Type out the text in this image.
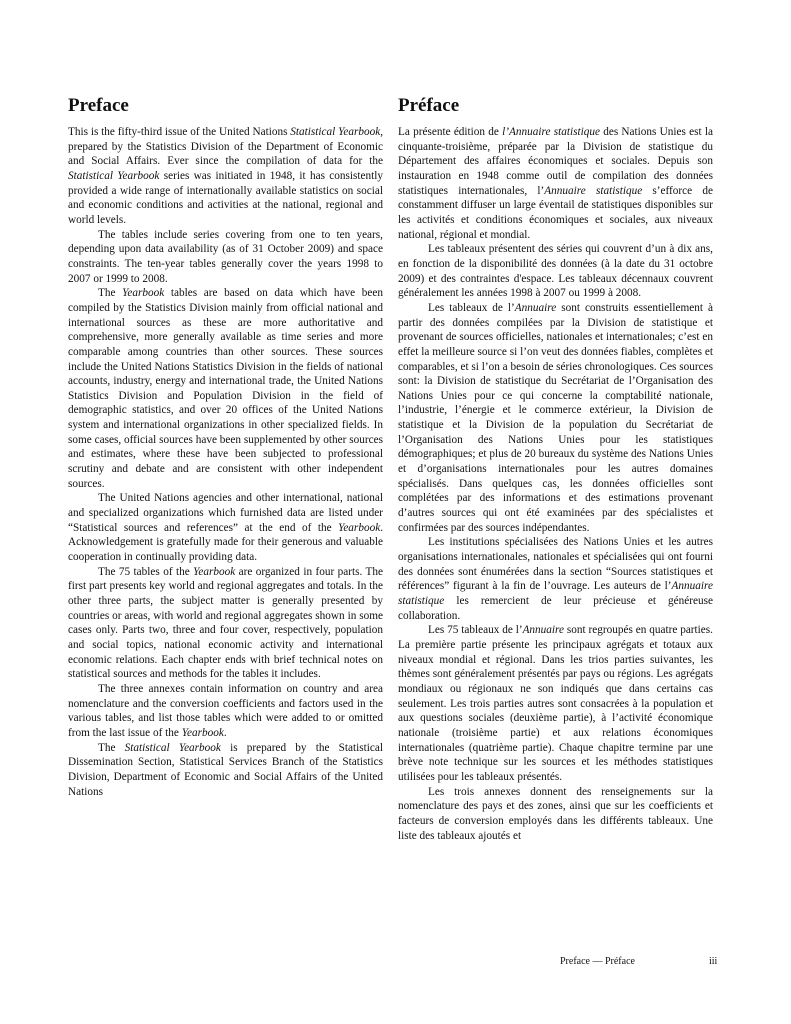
Preface

This is the fifty-third issue of the United Nations Statistical Yearbook, prepared by the Statistics Division of the Department of Economic and Social Affairs. Ever since the compilation of data for the Statistical Yearbook series was initiated in 1948, it has consistently provided a wide range of internationally available statistics on social and economic conditions and activities at the national, regional and world levels.

The tables include series covering from one to ten years, depending upon data availability (as of 31 October 2009) and space constraints. The ten-year tables generally cover the years 1998 to 2007 or 1999 to 2008.

The Yearbook tables are based on data which have been compiled by the Statistics Division mainly from official national and international sources as these are more authoritative and comprehensive, more generally available as time series and more comparable among countries than other sources. These sources include the United Nations Statistics Division in the fields of national accounts, industry, energy and international trade, the United Nations Statistics Division and Population Division in the field of demographic statistics, and over 20 offices of the United Nations system and international organizations in other specialized fields. In some cases, official sources have been supplemented by other sources and estimates, where these have been subjected to professional scrutiny and debate and are consistent with other independent sources.

The United Nations agencies and other international, national and specialized organizations which furnished data are listed under “Statistical sources and references” at the end of the Yearbook. Acknowledgement is gratefully made for their generous and valuable cooperation in continually providing data.

The 75 tables of the Yearbook are organized in four parts. The first part presents key world and regional aggregates and totals. In the other three parts, the subject matter is generally presented by countries or areas, with world and regional aggregates shown in some cases only. Parts two, three and four cover, respectively, population and social topics, national economic activity and international economic relations. Each chapter ends with brief technical notes on statistical sources and methods for the tables it includes.

The three annexes contain information on country and area nomenclature and the conversion coefficients and factors used in the various tables, and list those tables which were added to or omitted from the last issue of the Yearbook.

The Statistical Yearbook is prepared by the Statistical Dissemination Section, Statistical Services Branch of the Statistics Division, Department of Economic and Social Affairs of the United Nations

Préface

La présente édition de l’Annuaire statistique des Nations Unies est la cinquante-troisième, préparée par la Division de statistique du Département des affaires économiques et sociales. Depuis son instauration en 1948 comme outil de compilation des données statistiques internationales, l’Annuaire statistique s’efforce de constamment diffuser un large éventail de statistiques disponibles sur les activités et conditions économiques et sociales, aux niveaux national, régional et mondial.

Les tableaux présentent des séries qui couvrent d’un à dix ans, en fonction de la disponibilité des données (à la date du 31 octobre 2009) et des contraintes d'espace. Les tableaux décennaux couvrent généralement les années 1998 à 2007 ou 1999 à 2008.

Les tableaux de l’Annuaire sont construits essentiellement à partir des données compilées par la Division de statistique et provenant de sources officielles, nationales et internationales; c’est en effet la meilleure source si l’on veut des données fiables, complètes et comparables, et si l’on a besoin de séries chronologiques. Ces sources sont: la Division de statistique du Secrétariat de l’Organisation des Nations Unies pour ce qui concerne la comptabilité nationale, l’industrie, l’énergie et le commerce extérieur, la Division de statistique et la Division de la population du Secrétariat de l’Organisation des Nations Unies pour les statistiques démographiques; et plus de 20 bureaux du système des Nations Unies et d’organisations internationales pour les autres domaines spécialisés. Dans quelques cas, les données officielles sont complétées par des informations et des estimations provenant d’autres sources qui ont été examinées par des spécialistes et confirmées par des sources indépendantes.

Les institutions spécialisées des Nations Unies et les autres organisations internationales, nationales et spécialisées qui ont fourni des données sont énumérées dans la section “Sources statistiques et références” figurant à la fin de l’ouvrage. Les auteurs de l’Annuaire statistique les remercient de leur précieuse et généreuse collaboration.

Les 75 tableaux de l’Annuaire sont regroupés en quatre parties. La première partie présente les principaux agrégats et totaux aux niveaux mondial et régional. Dans les trios parties suivantes, les thèmes sont généralement présentés par pays ou régions. Les agrégats mondiaux ou régionaux ne son indiqués que dans certains cas seulement. Les trois parties autres sont consacrées à la population et aux questions sociales (deuxième partie), à l’activité économique nationale (troisième partie) et aux relations économiques internationales (quatrième partie). Chaque chapitre termine par une brève note technique sur les sources et les méthodes statistiques utilisées pour les tableaux présentés.

Les trois annexes donnent des renseignements sur la nomenclature des pays et des zones, ainsi que sur les coefficients et facteurs de conversion employés dans les différents tableaux. Une liste des tableaux ajoutés et

Preface — Préface	iii
